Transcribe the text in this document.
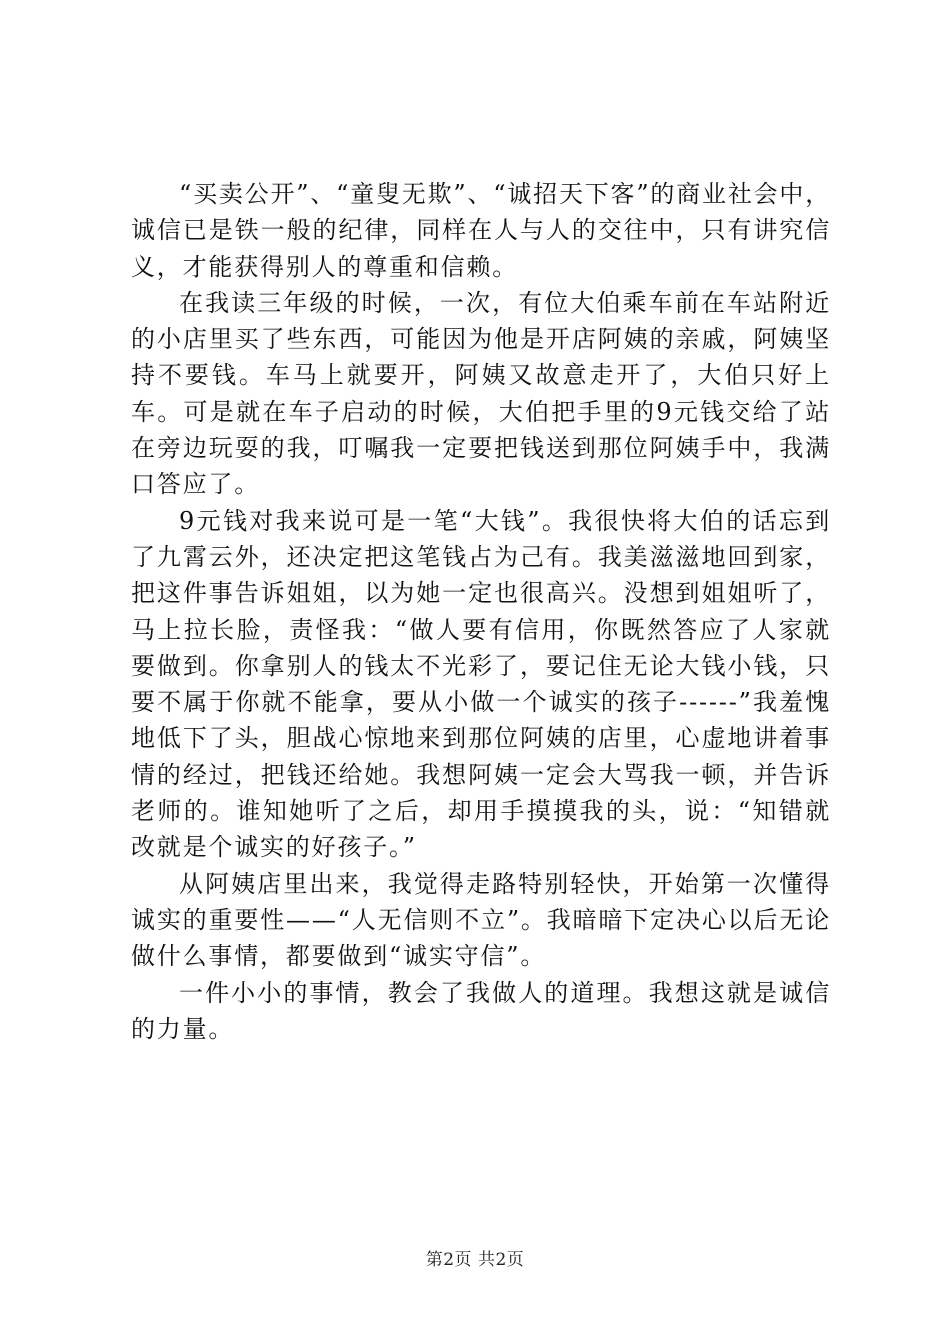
“买卖公开”、“童叟无欺”、“诚招天下客”的商业社会中，诚信已是铁一般的纪律，同样在人与人的交往中，只有讲究信义，才能获得别人的尊重和信赖。

在我读三年级的时候，一次，有位大伯乘车前在车站附近的小店里买了些东西，可能因为他是开店阿姨的亲戚，阿姨坚持不要钱。车马上就要开，阿姨又故意走开了，大伯只好上车。可是就在车子启动的时候，大伯把手里的9元钱交给了站在旁边玩耍的我，叮嘱我一定要把钱送到那位阿姨手中，我满口答应了。

9元钱对我来说可是一笔“大钱”。我很快将大伯的话忘到了九霄云外，还决定把这笔钱占为己有。我美滋滋地回到家，把这件事告诉姐姐，以为她一定也很高兴。没想到姐姐听了，马上拉长脸，责怪我：“做人要有信用，你既然答应了人家就要做到。你拿别人的钱太不光彩了，要记住无论大钱小钱，只要不属于你就不能拿，要从小做一个诚实的孩子------”我羞愧地低下了头，胆战心惊地来到那位阿姨的店里，心虚地讲着事情的经过，把钱还给她。我想阿姨一定会大骂我一顿，并告诉老师的。谁知她听了之后，却用手摸摸我的头，说：“知错就改就是个诚实的好孩子。”

从阿姨店里出来，我觉得走路特别轻快，开始第一次懂得诚实的重要性——“人无信则不立”。我暗暗下定决心以后无论做什么事情，都要做到“诚实守信”。

一件小小的事情，教会了我做人的道理。我想这就是诚信的力量。

第2页 共2页
